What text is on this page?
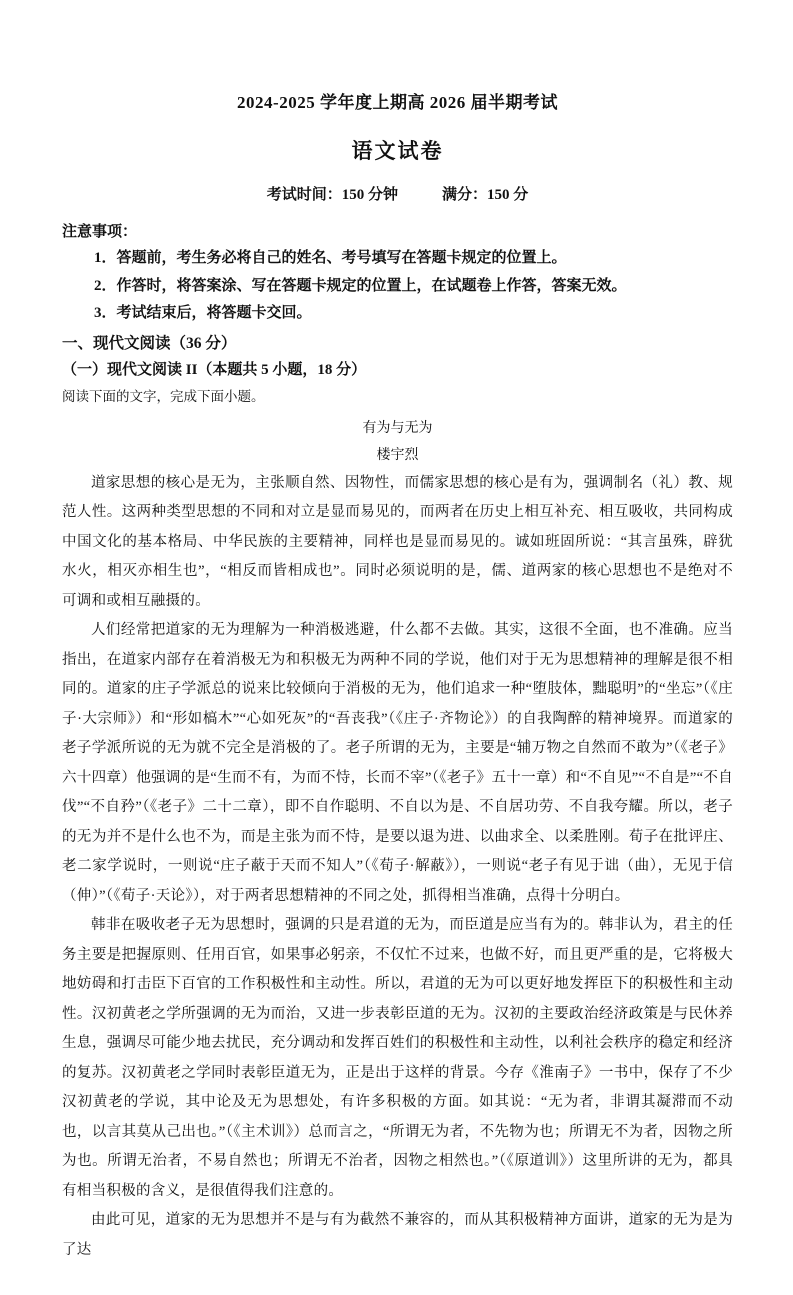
2024-2025 学年度上期高 2026 届半期考试
语文试卷
考试时间：150 分钟	满分：150 分
注意事项：
1．答题前，考生务必将自己的姓名、考号填写在答题卡规定的位置上。
2．作答时，将答案涂、写在答题卡规定的位置上，在试题卷上作答，答案无效。
3．考试结束后，将答题卡交回。
一、现代文阅读（36 分）
（一）现代文阅读 II（本题共 5 小题，18 分）
阅读下面的文字，完成下面小题。
有为与无为
楼宇烈

道家思想的核心是无为，主张顺自然、因物性，而儒家思想的核心是有为，强调制名（礼）教、规范人性。这两种类型思想的不同和对立是显而易见的，而两者在历史上相互补充、相互吸收，共同构成中国文化的基本格局、中华民族的主要精神，同样也是显而易见的。诚如班固所说：“其言虽殊，辟犹水火，相灭亦相生也”，“相反而皆相成也”。同时必须说明的是，儒、道两家的核心思想也不是绝对不可调和或相互融摄的。

人们经常把道家的无为理解为一种消极逃避，什么都不去做。其实，这很不全面，也不准确。应当指出，在道家内部存在着消极无为和积极无为两种不同的学说，他们对于无为思想精神的理解是很不相同的。道家的庄子学派总的说来比较倾向于消极的无为，他们追求一种“堕肢体，黜聪明”的“坐忘”（《庄子·大宗师》）和“形如槁木”“心如死灰”的“吾丧我”（《庄子·齐物论》）的自我陶醉的精神境界。而道家的老子学派所说的无为就不完全是消极的了。老子所谓的无为，主要是“辅万物之自然而不敢为”（《老子》六十四章）他强调的是“生而不有，为而不恃，长而不宰”（《老子》五十一章）和“不自见”“不自是”“不自伐”“不自矜”（《老子》二十二章），即不自作聪明、不自以为是、不自居功劳、不自我夸耀。所以，老子的无为并不是什么也不为，而是主张为而不恃，是要以退为进、以曲求全、以柔胜刚。荀子在批评庄、老二家学说时，一则说“庄子蔽于天而不知人”（《荀子·解蔽》），一则说“老子有见于诎（曲），无见于信（伸）”（《荀子·天论》），对于两者思想精神的不同之处，抓得相当准确，点得十分明白。

韩非在吸收老子无为思想时，强调的只是君道的无为，而臣道是应当有为的。韩非认为，君主的任务主要是把握原则、任用百官，如果事必躬亲，不仅忙不过来，也做不好，而且更严重的是，它将极大地妨碍和打击臣下百官的工作积极性和主动性。所以，君道的无为可以更好地发挥臣下的积极性和主动性。汉初黄老之学所强调的无为而治，又进一步表彰臣道的无为。汉初的主要政治经济政策是与民休养生息，强调尽可能少地去扰民，充分调动和发挥百姓们的积极性和主动性，以利社会秩序的稳定和经济的复苏。汉初黄老之学同时表彰臣道无为，正是出于这样的背景。今存《淮南子》一书中，保存了不少汉初黄老的学说，其中论及无为思想处，有许多积极的方面。如其说：“无为者，非谓其凝滞而不动也，以言其莫从己出也。”（《主术训》）总而言之，“所谓无为者，不先物为也；所谓无不为者，因物之所为也。所谓无治者，不易自然也；所谓无不治者，因物之相然也。”（《原道训》）这里所讲的无为，都具有相当积极的含义，是很值得我们注意的。

由此可见，道家的无为思想并不是与有为截然不兼容的，而从其积极精神方面讲，道家的无为是为了达
